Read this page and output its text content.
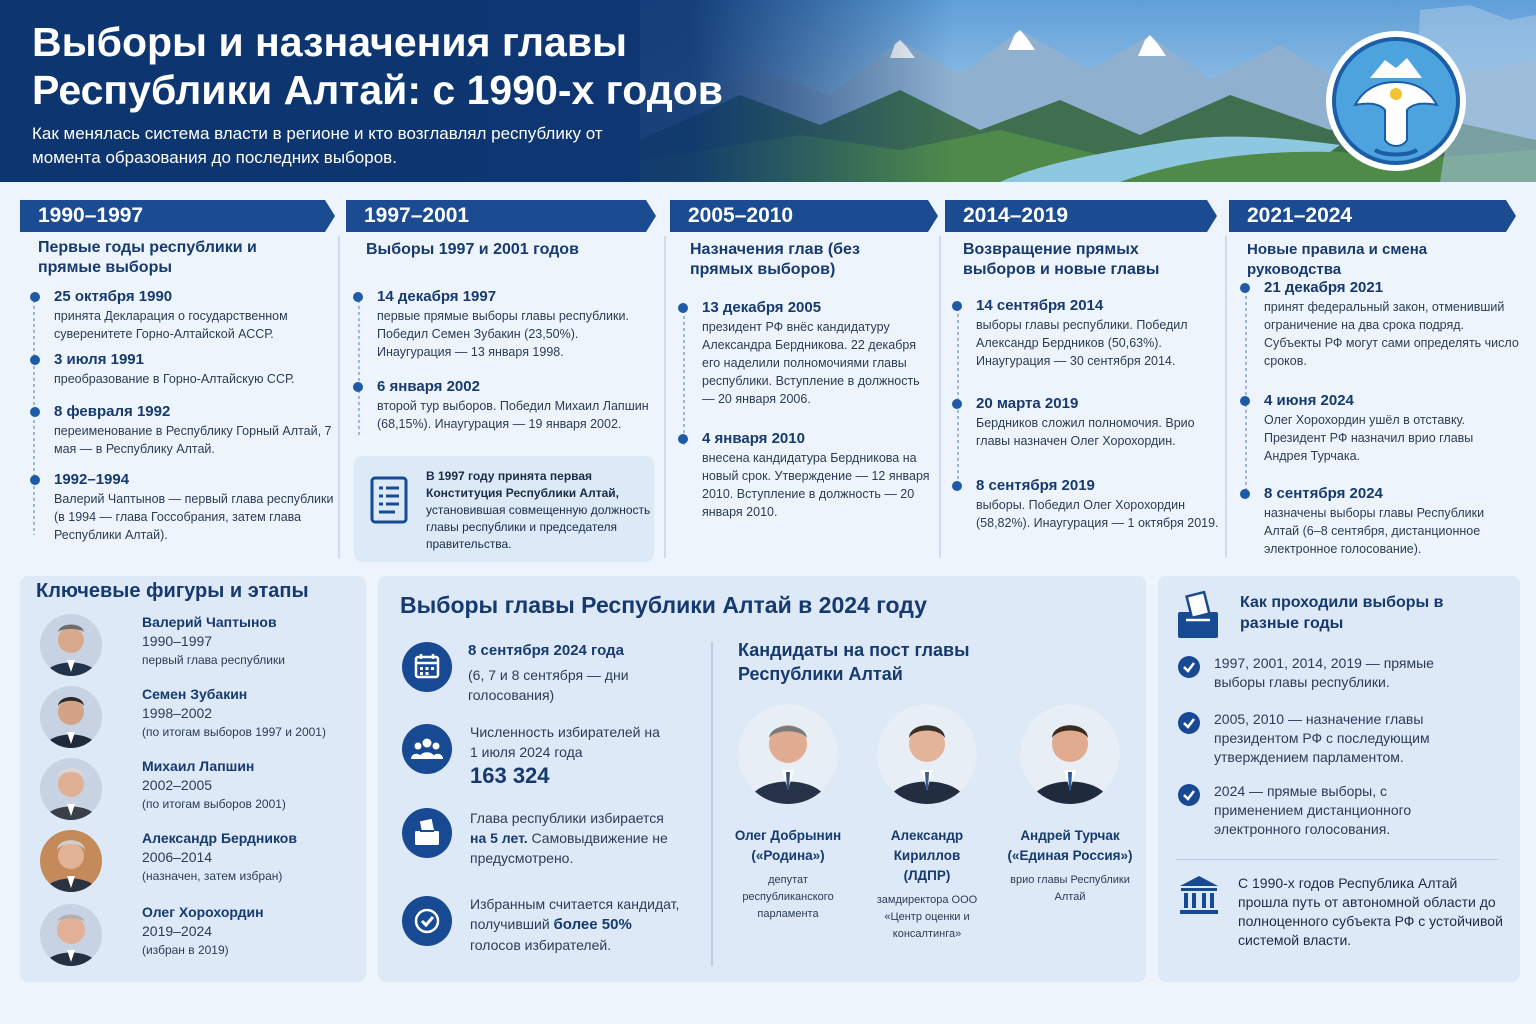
Выборы и назначения главы Республики Алтай: с 1990-х годов

Как менялась система власти в регионе и кто возглавлял республику от момента образования до последних выборов.

1990–1997
Первые годы республики и прямые выборы
25 октября 1990
принята Декларация о государственном суверенитете Горно-Алтайской АССР.
3 июля 1991
преобразование в Горно-Алтайскую ССР.
8 февраля 1992
переименование в Республику Горный Алтай, 7 мая — в Республику Алтай.
1992–1994
Валерий Чаптынов — первый глава республики (в 1994 — глава Госсобрания, затем глава Республики Алтай).
1997–2001
Выборы 1997 и 2001 годов
14 декабря 1997
первые прямые выборы главы республики. Победил Семен Зубакин (23,50%). Инаугурация — 13 января 1998.
6 января 2002
второй тур выборов. Победил Михаил Лапшин (68,15%). Инаугурация — 19 января 2002.
В 1997 году принята первая Конституция Республики Алтай, установившая совмещенную должность главы республики и председателя правительства.
2005–2010
Назначения глав (без прямых выборов)
13 декабря 2005
президент РФ внёс кандидатуру Александра Бердникова. 22 декабря его наделили полномочиями главы республики. Вступление в должность — 20 января 2006.
4 января 2010
внесена кандидатура Бердникова на новый срок. Утверждение — 12 января 2010. Вступление в должность — 20 января 2010.
2014–2019
Возвращение прямых выборов и новые главы
14 сентября 2014
выборы главы республики. Победил Александр Бердников (50,63%). Инаугурация — 30 сентября 2014.
20 марта 2019
Бердников сложил полномочия. Врио главы назначен Олег Хорохордин.
8 сентября 2019
выборы. Победил Олег Хорохордин (58,82%). Инаугурация — 1 октября 2019.
2021–2024
Новые правила и смена руководства
21 декабря 2021
принят федеральный закон, отменивший ограничение на два срока подряд. Субъекты РФ могут сами определять число сроков.
4 июня 2024
Олег Хорохордин ушёл в отставку. Президент РФ назначил врио главы Андрея Турчака.
8 сентября 2024
назначены выборы главы Республики Алтай (6–8 сентября, дистанционное электронное голосование).
Ключевые фигуры и этапы
Валерий Чаптынов
1990–1997
первый глава республики
Семен Зубакин
1998–2002
(по итогам выборов 1997 и 2001)
Михаил Лапшин
2002–2005
(по итогам выборов 2001)
Александр Бердников
2006–2014
(назначен, затем избран)
Олег Хорохордин
2019–2024
(избран в 2019)
Выборы главы Республики Алтай в 2024 году
8 сентября 2024 года

(6, 7 и 8 сентября — дни голосования)
Численность избирателей на 1 июля 2024 года
163 324
Глава республики избирается
на 5 лет. Самовыдвижение не предусмотрено.
Избранным считается кандидат, получивший более 50% голосов избирателей.
Кандидаты на пост главы Республики Алтай
Олег Добрынин
(«Родина»)
депутат республиканского парламента
Александр Кириллов
(ЛДПР)
замдиректора ООО «Центр оценки и консалтинга»
Андрей Турчак
(«Единая Россия»)
врио главы Республики Алтай
Как проходили выборы в разные годы
1997, 2001, 2014, 2019 — прямые выборы главы республики.
2005, 2010 — назначение главы президентом РФ с последующим утверждением парламентом.
2024 — прямые выборы, с применением дистанционного электронного голосования.
С 1990-х годов Республика Алтай прошла путь от автономной области до полноценного субъекта РФ с устойчивой системой власти.
